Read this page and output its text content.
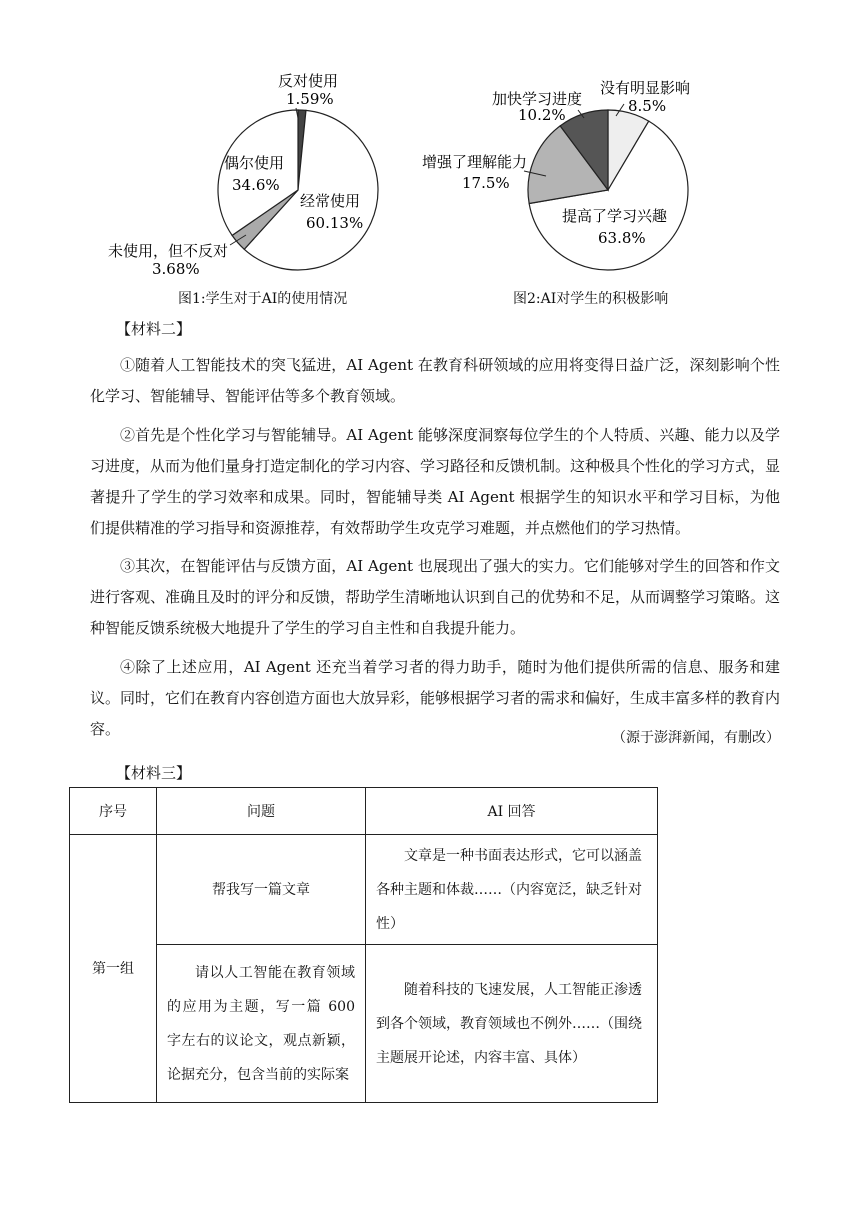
反对使用
1.59%
偶尔使用
34.6%
经常使用
60.13%
未使用，但不反对
3.68%
加快学习进度
10.2%
没有明显影响
8.5%
增强了理解能力
17.5%
提高了学习兴趣
63.8%
图1:学生对于AI的使用情况	图2:AI对学生的积极影响
【材料二】
①随着人工智能技术的突飞猛进，AI Agent 在教育科研领域的应用将变得日益广泛，深刻影响个性化学习、智能辅导、智能评估等多个教育领域。
②首先是个性化学习与智能辅导。AI Agent 能够深度洞察每位学生的个人特质、兴趣、能力以及学习进度，从而为他们量身打造定制化的学习内容、学习路径和反馈机制。这种极具个性化的学习方式，显著提升了学生的学习效率和成果。同时，智能辅导类 AI Agent 根据学生的知识水平和学习目标，为他们提供精准的学习指导和资源推荐，有效帮助学生攻克学习难题，并点燃他们的学习热情。
③其次，在智能评估与反馈方面，AI Agent 也展现出了强大的实力。它们能够对学生的回答和作文进行客观、准确且及时的评分和反馈，帮助学生清晰地认识到自己的优势和不足，从而调整学习策略。这种智能反馈系统极大地提升了学生的学习自主性和自我提升能力。
④除了上述应用，AI Agent 还充当着学习者的得力助手，随时为他们提供所需的信息、服务和建议。同时，它们在教育内容创造方面也大放异彩，能够根据学习者的需求和偏好，生成丰富多样的教育内容。	（源于澎湃新闻，有删改）
【材料三】
序号	问题	AI 回答
第一组	帮我写一篇文章	文章是一种书面表达形式，它可以涵盖各种主题和体裁……（内容宽泛，缺乏针对性）
	请以人工智能在教育领域的应用为主题，写一篇 600 字左右的议论文，观点新颖，论据充分，包含当前的实际案	随着科技的飞速发展，人工智能正渗透到各个领域，教育领域也不例外……（围绕主题展开论述，内容丰富、具体）
